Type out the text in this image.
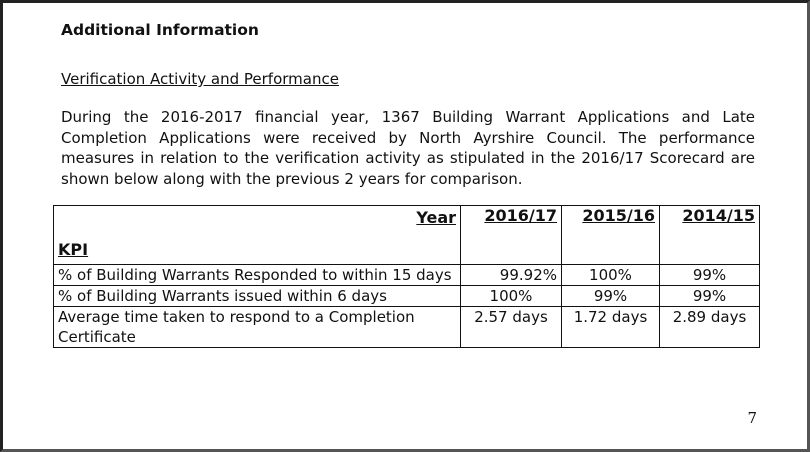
Additional Information
Verification Activity and Performance
During the 2016-2017 financial year, 1367 Building Warrant Applications and Late Completion Applications were received by North Ayrshire Council. The performance measures in relation to the verification activity as stipulated in the 2016/17 Scorecard are shown below along with the previous 2 years for comparison.
Year
KPI	2016/17	2015/16	2014/15
% of Building Warrants Responded to within 15 days	99.92%	100%	99%
% of Building Warrants issued within 6 days	100%	99%	99%
Average time taken to respond to a Completion Certificate	2.57 days	1.72 days	2.89 days
7
